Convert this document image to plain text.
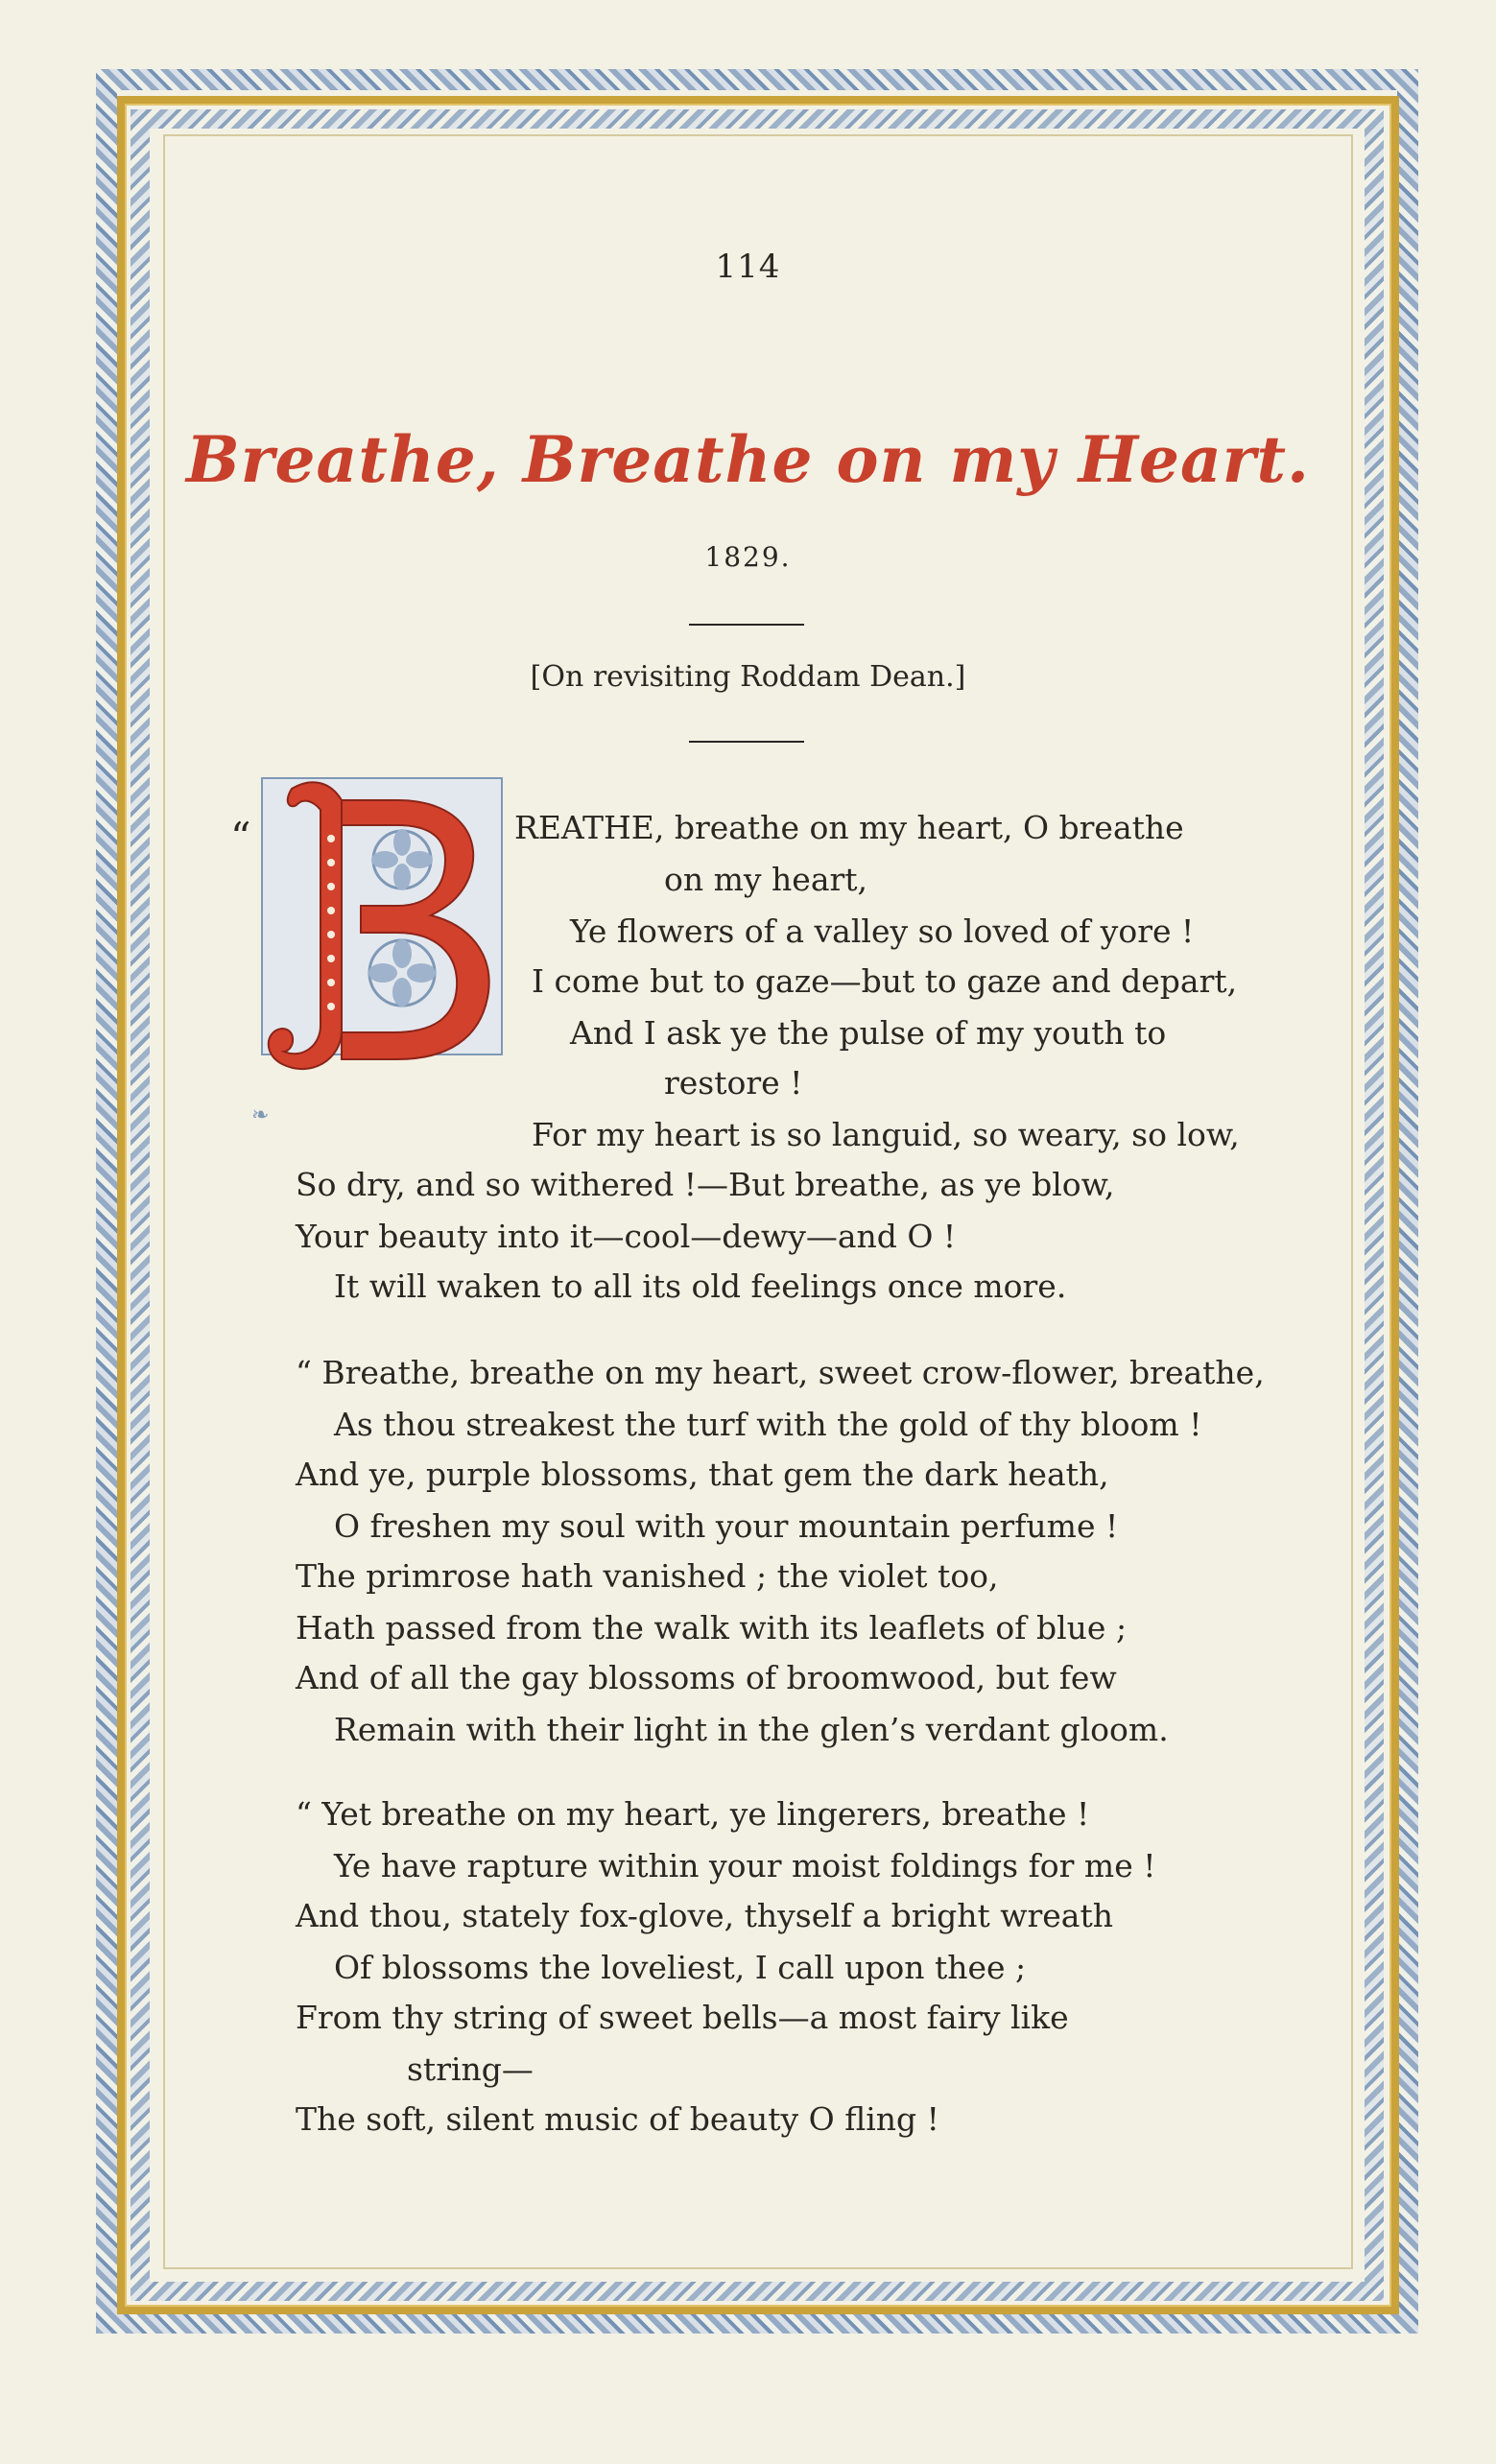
114
Breathe, Breathe on my Heart.
1829.
[On revisiting Roddam Dean.]
“
❧
REATHE, breathe on my heart, O breathe
on my heart,
Ye flowers of a valley so loved of yore !
I come but to gaze—but to gaze and depart,
And I ask ye the pulse of my youth to
restore !
For my heart is so languid, so weary, so low,
So dry, and so withered !—But breathe, as ye blow,
Your beauty into it—cool—dewy—and O !
It will waken to all its old feelings once more.
“ Breathe, breathe on my heart, sweet crow-flower, breathe,
As thou streakest the turf with the gold of thy bloom !
And ye, purple blossoms, that gem the dark heath,
O freshen my soul with your mountain perfume !
The primrose hath vanished ; the violet too,
Hath passed from the walk with its leaflets of blue ;
And of all the gay blossoms of broomwood, but few
Remain with their light in the glen’s verdant gloom.
“ Yet breathe on my heart, ye lingerers, breathe !
Ye have rapture within your moist foldings for me !
And thou, stately fox-glove, thyself a bright wreath
Of blossoms the loveliest, I call upon thee ;
From thy string of sweet bells—a most fairy like
string—
The soft, silent music of beauty O fling !
